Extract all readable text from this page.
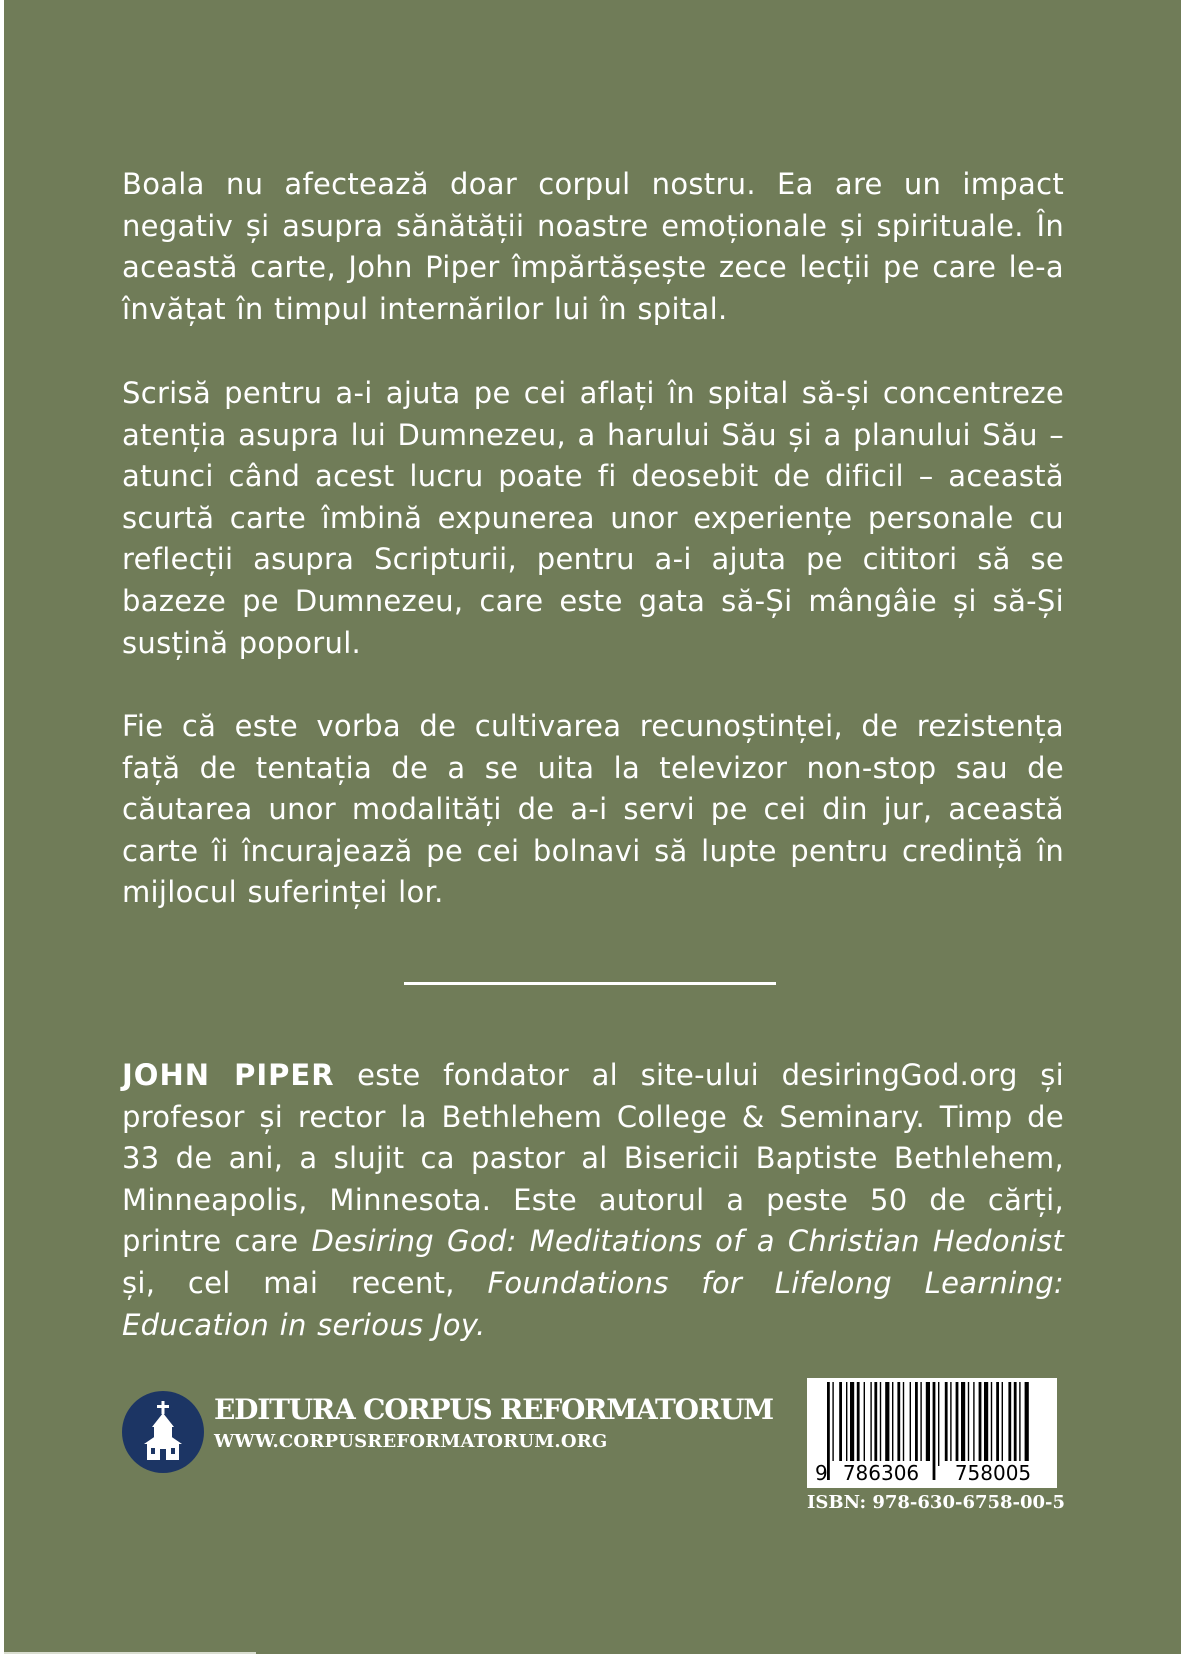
Boala nu afectează doar corpul nostru. Ea are un impact negativ și asupra sănătății noastre emoționale și spirituale. În această carte, John Piper împărtășește zece lecții pe care le-a învățat în timpul internărilor lui în spital.

Scrisă pentru a-i ajuta pe cei aflați în spital să-și concentreze atenția asupra lui Dumnezeu, a harului Său și a planului Său – atunci când acest lucru poate fi deosebit de dificil – această scurtă carte îmbină expunerea unor experiențe personale cu reflecții asupra Scripturii, pentru a-i ajuta pe cititori să se bazeze pe Dumnezeu, care este gata să-Și mângâie și să-Și susțină poporul.

Fie că este vorba de cultivarea recunoștinței, de rezistența față de tentația de a se uita la televizor non-stop sau de căutarea unor modalități de a-i servi pe cei din jur, această carte îi încurajează pe cei bolnavi să lupte pentru credință în mijlocul suferinței lor.

JOHN PIPER este fondator al site-ului desiringGod.org și profesor și rector la Bethlehem College & Seminary. Timp de 33 de ani, a slujit ca pastor al Bisericii Baptiste Bethlehem, Minneapolis, Minnesota. Este autorul a peste 50 de cărți, printre care Desiring God: Meditations of a Christian Hedonist și, cel mai recent, Foundations for Lifelong Learning: Education in serious Joy.

EDITURA CORPUS REFORMATORUM
WWW.CORPUSREFORMATORUM.ORG
9 786306	758005
ISBN: 978-630-6758-00-5
